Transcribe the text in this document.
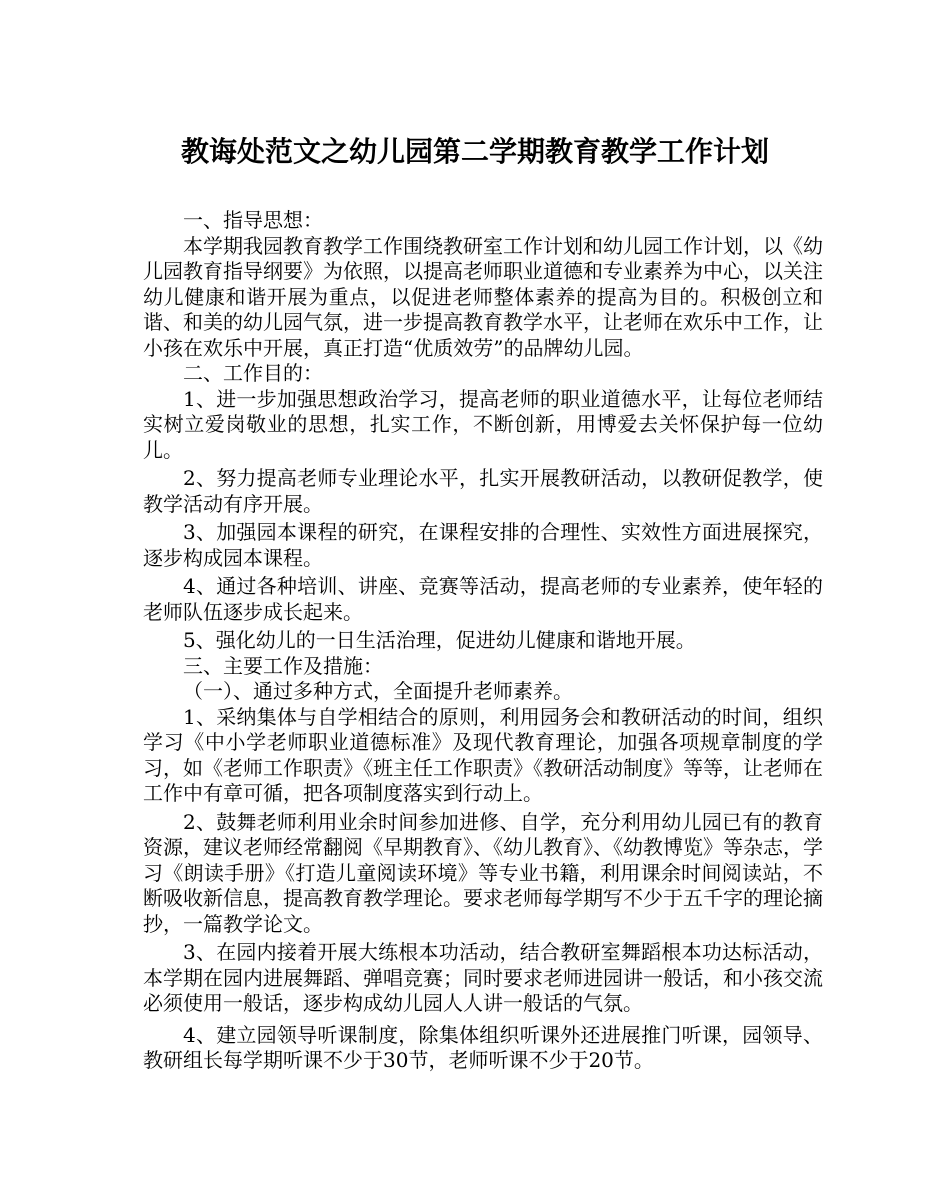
教诲处范文之幼儿园第二学期教育教学工作计划

一、指导思想：

本学期我园教育教学工作围绕教研室工作计划和幼儿园工作计划，以《幼儿园教育指导纲要》为依照，以提高老师职业道德和专业素养为中心，以关注幼儿健康和谐开展为重点，以促进老师整体素养的提高为目的。积极创立和谐、和美的幼儿园气氛，进一步提高教育教学水平，让老师在欢乐中工作，让小孩在欢乐中开展，真正打造“优质效劳”的品牌幼儿园。

二、工作目的：

1、进一步加强思想政治学习，提高老师的职业道德水平，让每位老师结实树立爱岗敬业的思想，扎实工作，不断创新，用博爱去关怀保护每一位幼儿。

2、努力提高老师专业理论水平，扎实开展教研活动，以教研促教学，使教学活动有序开展。

3、加强园本课程的研究，在课程安排的合理性、实效性方面进展探究，逐步构成园本课程。

4、通过各种培训、讲座、竞赛等活动，提高老师的专业素养，使年轻的老师队伍逐步成长起来。

5、强化幼儿的一日生活治理，促进幼儿健康和谐地开展。

三、主要工作及措施：

（一）、通过多种方式，全面提升老师素养。

1、采纳集体与自学相结合的原则，利用园务会和教研活动的时间，组织学习《中小学老师职业道德标准》及现代教育理论，加强各项规章制度的学习，如《老师工作职责》《班主任工作职责》《教研活动制度》等等，让老师在工作中有章可循，把各项制度落实到行动上。

2、鼓舞老师利用业余时间参加进修、自学，充分利用幼儿园已有的教育资源，建议老师经常翻阅《早期教育》、《幼儿教育》、《幼教博览》等杂志，学习《朗读手册》《打造儿童阅读环境》等专业书籍，利用课余时间阅读站，不断吸收新信息，提高教育教学理论。要求老师每学期写不少于五千字的理论摘抄，一篇教学论文。

3、在园内接着开展大练根本功活动，结合教研室舞蹈根本功达标活动，本学期在园内进展舞蹈、弹唱竞赛；同时要求老师进园讲一般话，和小孩交流必须使用一般话，逐步构成幼儿园人人讲一般话的气氛。

4、建立园领导听课制度，除集体组织听课外还进展推门听课，园领导、教研组长每学期听课不少于30节，老师听课不少于20节。
